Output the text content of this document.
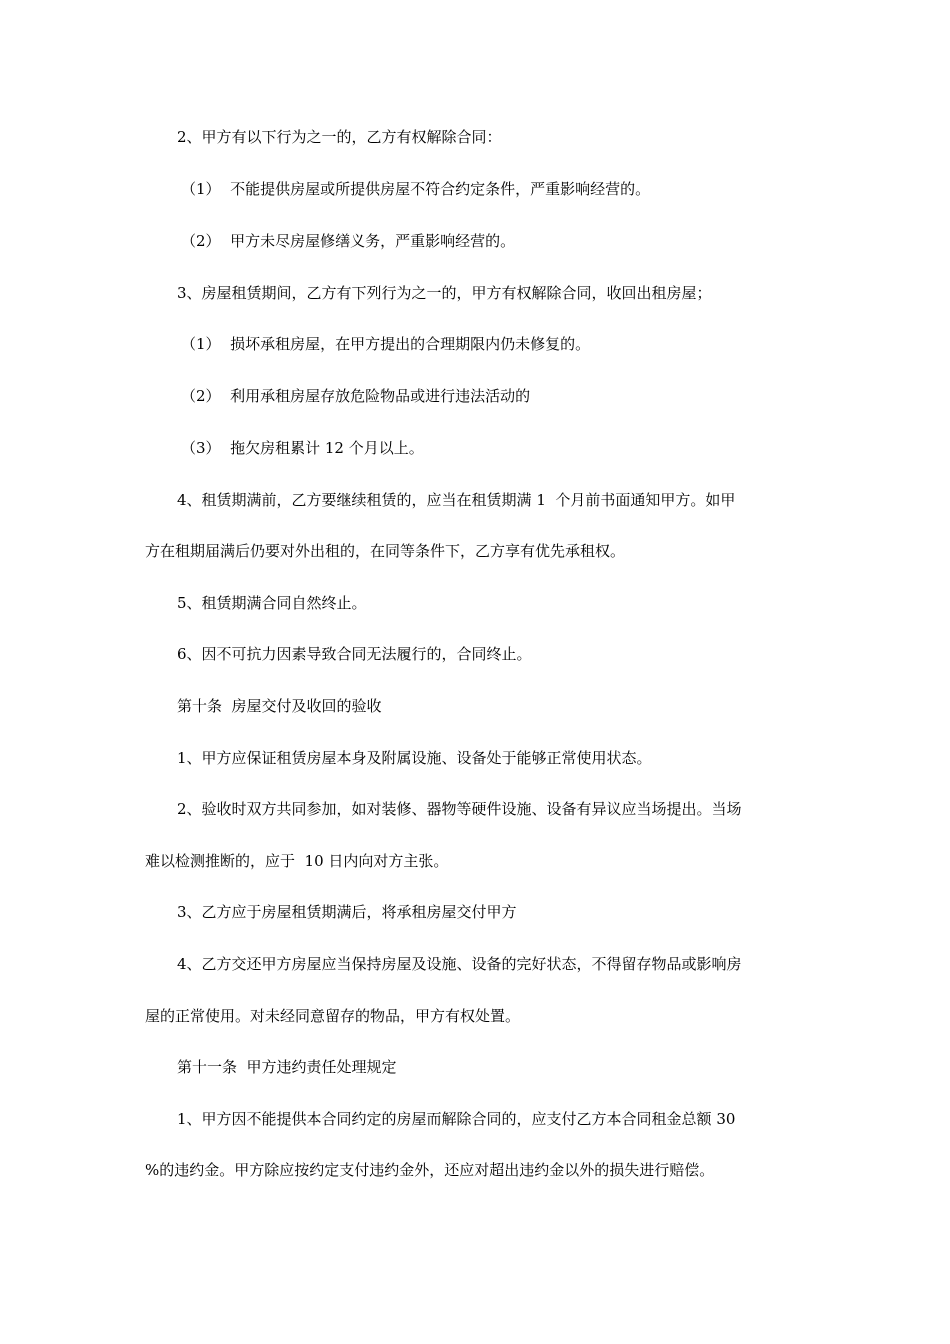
2、甲方有以下行为之一的，乙方有权解除合同：
（1）  不能提供房屋或所提供房屋不符合约定条件，严重影响经营的。
（2）  甲方未尽房屋修缮义务，严重影响经营的。
3、房屋租赁期间，乙方有下列行为之一的，甲方有权解除合同，收回出租房屋；
（1）  损坏承租房屋，在甲方提出的合理期限内仍未修复的。
（2）  利用承租房屋存放危险物品或进行违法活动的
（3）  拖欠房租累计 12 个月以上。
4、租赁期满前，乙方要继续租赁的，应当在租赁期满 1  个月前书面通知甲方。如甲
方在租期届满后仍要对外出租的，在同等条件下，乙方享有优先承租权。
5、租赁期满合同自然终止。
6、因不可抗力因素导致合同无法履行的，合同终止。
第十条  房屋交付及收回的验收
1、甲方应保证租赁房屋本身及附属设施、设备处于能够正常使用状态。
2、验收时双方共同参加，如对装修、器物等硬件设施、设备有异议应当场提出。当场
难以检测推断的，应于  10 日内向对方主张。
3、乙方应于房屋租赁期满后，将承租房屋交付甲方
4、乙方交还甲方房屋应当保持房屋及设施、设备的完好状态，不得留存物品或影响房
屋的正常使用。对未经同意留存的物品，甲方有权处置。
第十一条  甲方违约责任处理规定
1、甲方因不能提供本合同约定的房屋而解除合同的，应支付乙方本合同租金总额 30
%的违约金。甲方除应按约定支付违约金外，还应对超出违约金以外的损失进行赔偿。
